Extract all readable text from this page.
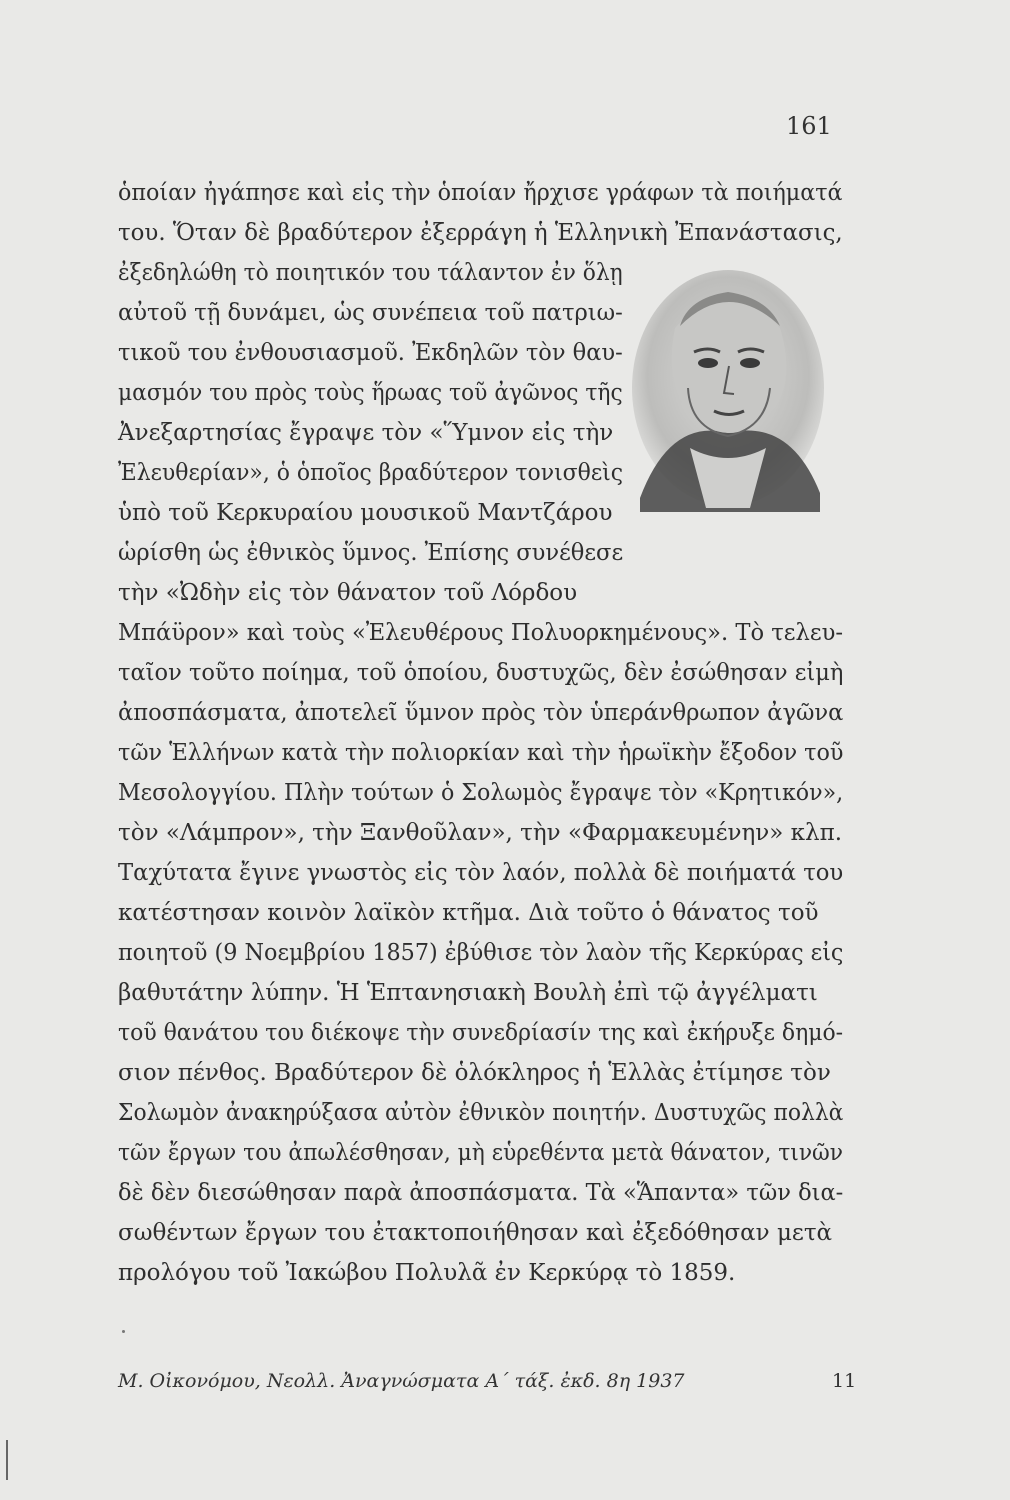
161
ὁποίαν ἠγάπησε καὶ εἰς τὴν ὁποίαν ἤρχισε γράφων τὰ ποιήματά
του. Ὅταν δὲ βραδύτερον ἐξερράγη ἡ Ἑλληνικὴ Ἐπανάστασις,
ἐξεδηλώθη τὸ ποιητικόν του τάλαντον ἐν ὅλῃ
αὐτοῦ τῇ δυνάμει, ὡς συνέπεια τοῦ πατριω-
τικοῦ του ἐνθουσιασμοῦ. Ἐκδηλῶν τὸν θαυ-
μασμόν του πρὸς τοὺς ἥρωας τοῦ ἀγῶνος τῆς
Ἀνεξαρτησίας ἔγραψε τὸν «Ὕμνον εἰς τὴν
Ἐλευθερίαν», ὁ ὁποῖος βραδύτερον τονισθεὶς
ὑπὸ τοῦ Κερκυραίου μουσικοῦ Μαντζάρου
ὡρίσθη ὡς ἐθνικὸς ὕμνος. Ἐπίσης συνέθεσε
τὴν «Ὠδὴν εἰς τὸν θάνατον τοῦ Λόρδου
Μπάϋρον» καὶ τοὺς «Ἐλευθέρους Πολυορκημένους». Τὸ τελευ-
ταῖον τοῦτο ποίημα, τοῦ ὁποίου, δυστυχῶς, δὲν ἐσώθησαν εἰμὴ
ἀποσπάσματα, ἀποτελεῖ ὕμνον πρὸς τὸν ὑπεράνθρωπον ἀγῶνα
τῶν Ἑλλήνων κατὰ τὴν πολιορκίαν καὶ τὴν ἡρωϊκὴν ἔξοδον τοῦ
Μεσολογγίου. Πλὴν τούτων ὁ Σολωμὸς ἔγραψε τὸν «Κρητικόν»,
τὸν «Λάμπρον», τὴν Ξανθοῦλαν», τὴν «Φαρμακευμένην» κλπ.
Ταχύτατα ἔγινε γνωστὸς εἰς τὸν λαόν, πολλὰ δὲ ποιήματά του
κατέστησαν κοινὸν λαϊκὸν κτῆμα. Διὰ τοῦτο ὁ θάνατος τοῦ
ποιητοῦ (9 Νοεμβρίου 1857) ἐβύθισε τὸν λαὸν τῆς Κερκύρας εἰς
βαθυτάτην λύπην. Ἡ Ἑπτανησιακὴ Βουλὴ ἐπὶ τῷ ἀγγέλματι
τοῦ θανάτου του διέκοψε τὴν συνεδρίασίν της καὶ ἐκήρυξε δημό-
σιον πένθος. Βραδύτερον δὲ ὁλόκληρος ἡ Ἑλλὰς ἐτίμησε τὸν
Σολωμὸν ἀνακηρύξασα αὐτὸν ἐθνικὸν ποιητήν. Δυστυχῶς πολλὰ
τῶν ἔργων του ἀπωλέσθησαν, μὴ εὑρεθέντα μετὰ θάνατον, τινῶν
δὲ δὲν διεσώθησαν παρὰ ἀποσπάσματα. Τὰ «Ἅπαντα» τῶν δια-
σωθέντων ἔργων του ἐτακτοποιήθησαν καὶ ἐξεδόθησαν μετὰ
προλόγου τοῦ Ἰακώβου Πολυλᾶ ἐν Κερκύρᾳ τὸ 1859.
Μ. Οἰκονόμου, Νεολλ. Ἀναγνώσματα Α΄ τάξ. ἐκδ. 8η 1937	11
